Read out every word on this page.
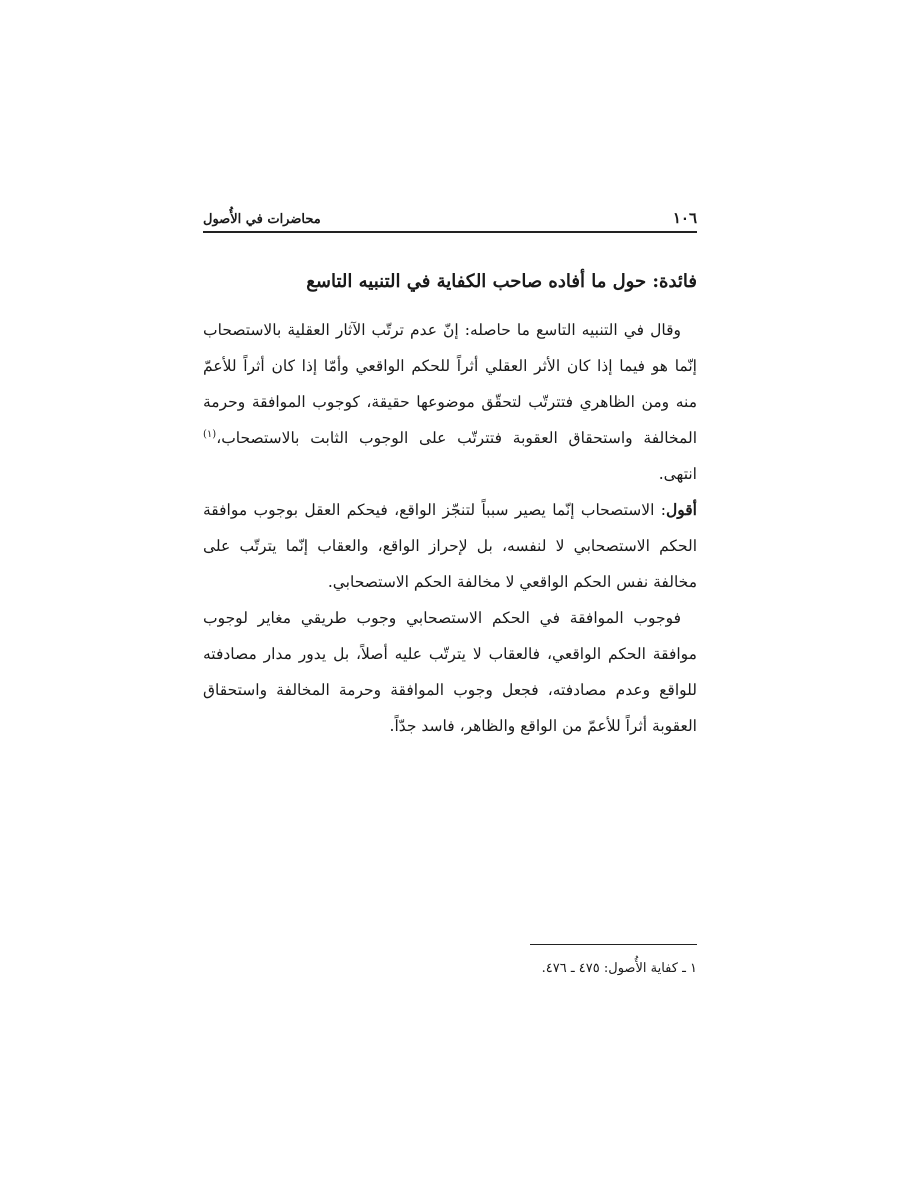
١٠٦
محاضرات في الأُصول
فائدة: حول ما أفاده صاحب الكفاية في التنبيه التاسع

وقال في التنبيه التاسع ما حاصله: إنّ عدم ترتّب الآثار العقلية بالاستصحاب إنّما هو فيما إذا كان الأثر العقلي أثراً للحكم الواقعي وأمّا إذا كان أثراً للأعمّ منه ومن الظاهري فتترتّب لتحقّق موضوعها حقيقة، كوجوب الموافقة وحرمة المخالفة واستحقاق العقوبة فتترتّب على الوجوب الثابت بالاستصحاب،$^{(١)}$ انتهى.

أقول: الاستصحاب إنّما يصير سبباً لتنجّز الواقع، فيحكم العقل بوجوب موافقة الحكم الاستصحابي لا لنفسه، بل لإحراز الواقع، والعقاب إنّما يترتّب على مخالفة نفس الحكم الواقعي لا مخالفة الحكم الاستصحابي.

فوجوب الموافقة في الحكم الاستصحابي وجوب طريقي مغاير لوجوب موافقة الحكم الواقعي، فالعقاب لا يترتّب عليه أصلاً، بل يدور مدار مصادفته للواقع وعدم مصادفته، فجعل وجوب الموافقة وحرمة المخالفة واستحقاق العقوبة أثراً للأعمّ من الواقع والظاهر، فاسد جدّاً.

١ ـ كفاية الأُصول: ٤٧٥ ـ ٤٧٦.
